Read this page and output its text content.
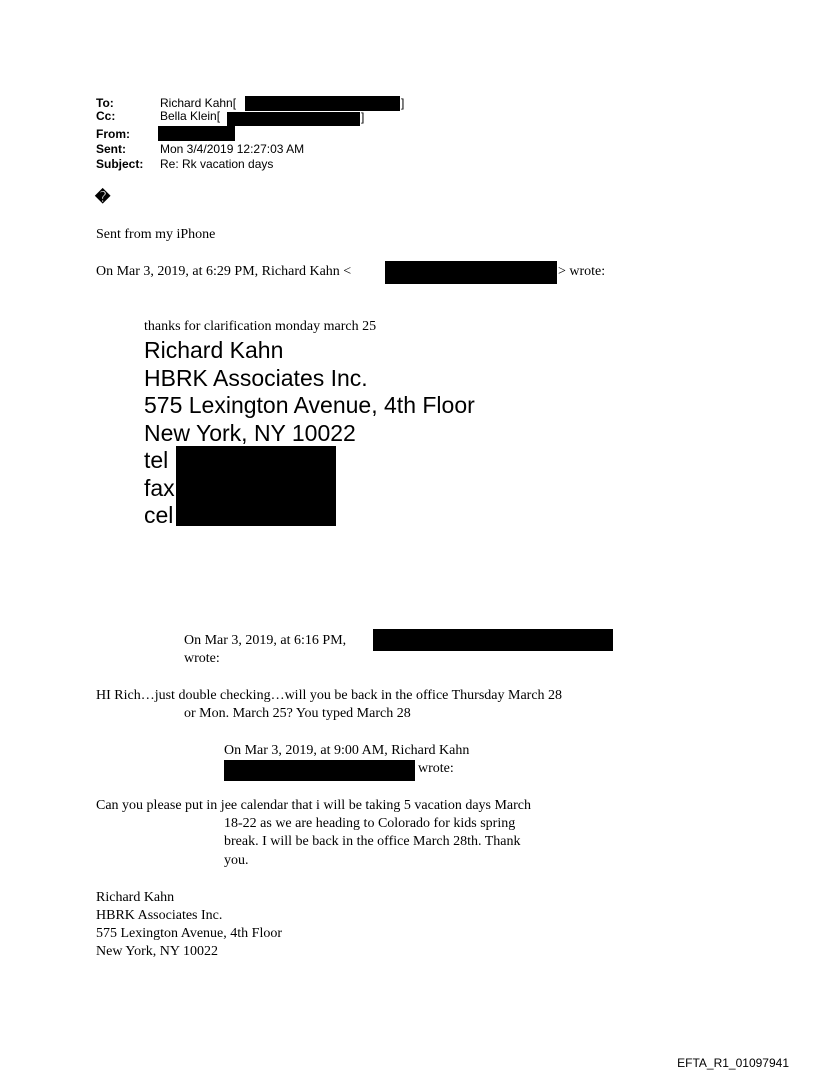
To:	Richard Kahn[	]
Cc:	Bella Klein[	]
From:
Sent:	Mon 3/4/2019 12:27:03 AM
Subject: Re: Rk vacation days
�
Sent from my iPhone
On Mar 3, 2019, at 6:29 PM, Richard Kahn <	> wrote:
thanks for clarification monday march 25
Richard Kahn
HBRK Associates Inc.
575 Lexington Avenue, 4th Floor
New York, NY 10022
tel
fax
cel
On Mar 3, 2019, at 6:16 PM,
wrote:
HI Rich…just double checking…will you be back in the office Thursday March 28
or Mon. March 25? You typed March 28
On Mar 3, 2019, at 9:00 AM, Richard Kahn
wrote:
Can you please put in jee calendar that i will be taking 5 vacation days March
18-22 as we are heading to Colorado for kids spring
break. I will be back in the office March 28th. Thank
you.
Richard Kahn
HBRK Associates Inc.
575 Lexington Avenue, 4th Floor
New York, NY 10022
EFTA_R1_01097941
